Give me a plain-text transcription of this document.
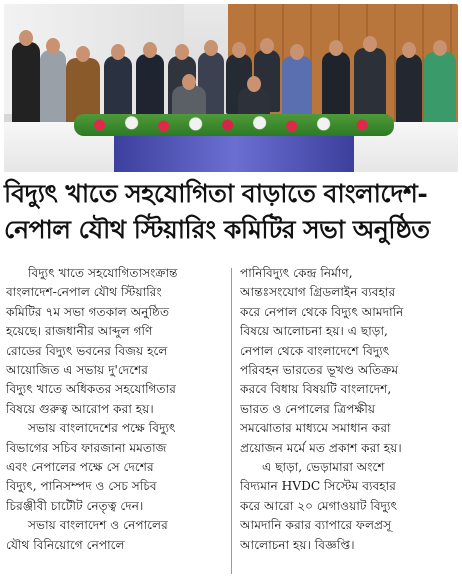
বিদ্যুৎ খাতে সহযোগিতা বাড়াতে বাংলাদেশ-
নেপাল যৌথ স্টিয়ারিং কমিটির সভা অনুষ্ঠিত

বিদ্যুৎ খাতে সহযোগিতাসংক্রান্ত

বাংলাদেশ-নেপাল যৌথ স্টিয়ারিং

কমিটির ৭ম সভা গতকাল অনুষ্ঠিত

হয়েছে। রাজধানীর আব্দুল গণি

রোডের বিদ্যুৎ ভবনের বিজয় হলে

আয়োজিত এ সভায় দু'দেশের

বিদ্যুৎ খাতে অধিকতর সহযোগিতার

বিষয়ে গুরুত্ব আরোপ করা হয়।

সভায় বাংলাদেশের পক্ষে বিদ্যুৎ

বিভাগের সচিব ফারজানা মমতাজ

এবং নেপালের পক্ষে সে দেশের

বিদ্যুৎ, পানিসম্পদ ও সেচ সচিব

চিরঞ্জীবী চাটৌট নেতৃত্ব দেন।

সভায় বাংলাদেশ ও নেপালের

যৌথ বিনিয়োগে নেপালে

পানিবিদ্যুৎ কেন্দ্র নির্মাণ,

আন্তঃসংযোগ গ্রিডলাইন ব্যবহার

করে নেপাল থেকে বিদ্যুৎ আমদানি

বিষয়ে আলোচনা হয়। এ ছাড়া,

নেপাল থেকে বাংলাদেশে বিদ্যুৎ

পরিবহন ভারতের ভূখণ্ড অতিক্রম

করবে বিধায় বিষয়টি বাংলাদেশ,

ভারত ও নেপালের ত্রিপক্ষীয়

সমঝোতার মাধ্যমে সমাধান করা

প্রয়োজন মর্মে মত প্রকাশ করা হয়।

এ ছাড়া, ভেড়ামারা অংশে

বিদ্যমান HVDC সিস্টেম ব্যবহার

করে আরো ২০ মেগাওয়াট বিদ্যুৎ

আমদানি করার ব্যাপারে ফলপ্রসূ

আলোচনা হয়। বিজ্ঞপ্তি।
